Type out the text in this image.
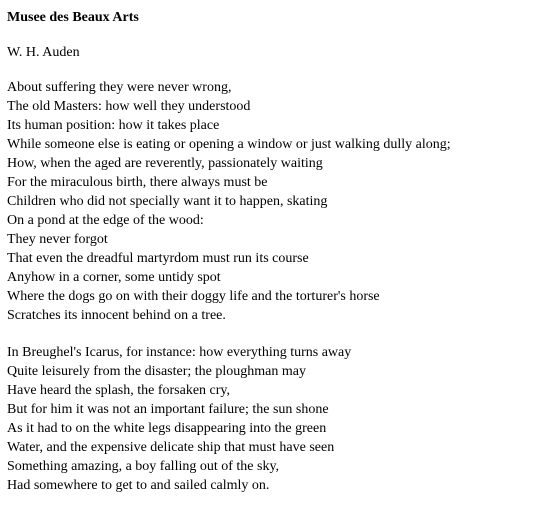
Musee des Beaux Arts
W. H. Auden
About suffering they were never wrong,
The old Masters: how well they understood
Its human position: how it takes place
While someone else is eating or opening a window or just walking dully along;
How, when the aged are reverently, passionately waiting
For the miraculous birth, there always must be
Children who did not specially want it to happen, skating
On a pond at the edge of the wood:
They never forgot
That even the dreadful martyrdom must run its course
Anyhow in a corner, some untidy spot
Where the dogs go on with their doggy life and the torturer's horse
Scratches its innocent behind on a tree.
In Breughel's Icarus, for instance: how everything turns away
Quite leisurely from the disaster; the ploughman may
Have heard the splash, the forsaken cry,
But for him it was not an important failure; the sun shone
As it had to on the white legs disappearing into the green
Water, and the expensive delicate ship that must have seen
Something amazing, a boy falling out of the sky,
Had somewhere to get to and sailed calmly on.
